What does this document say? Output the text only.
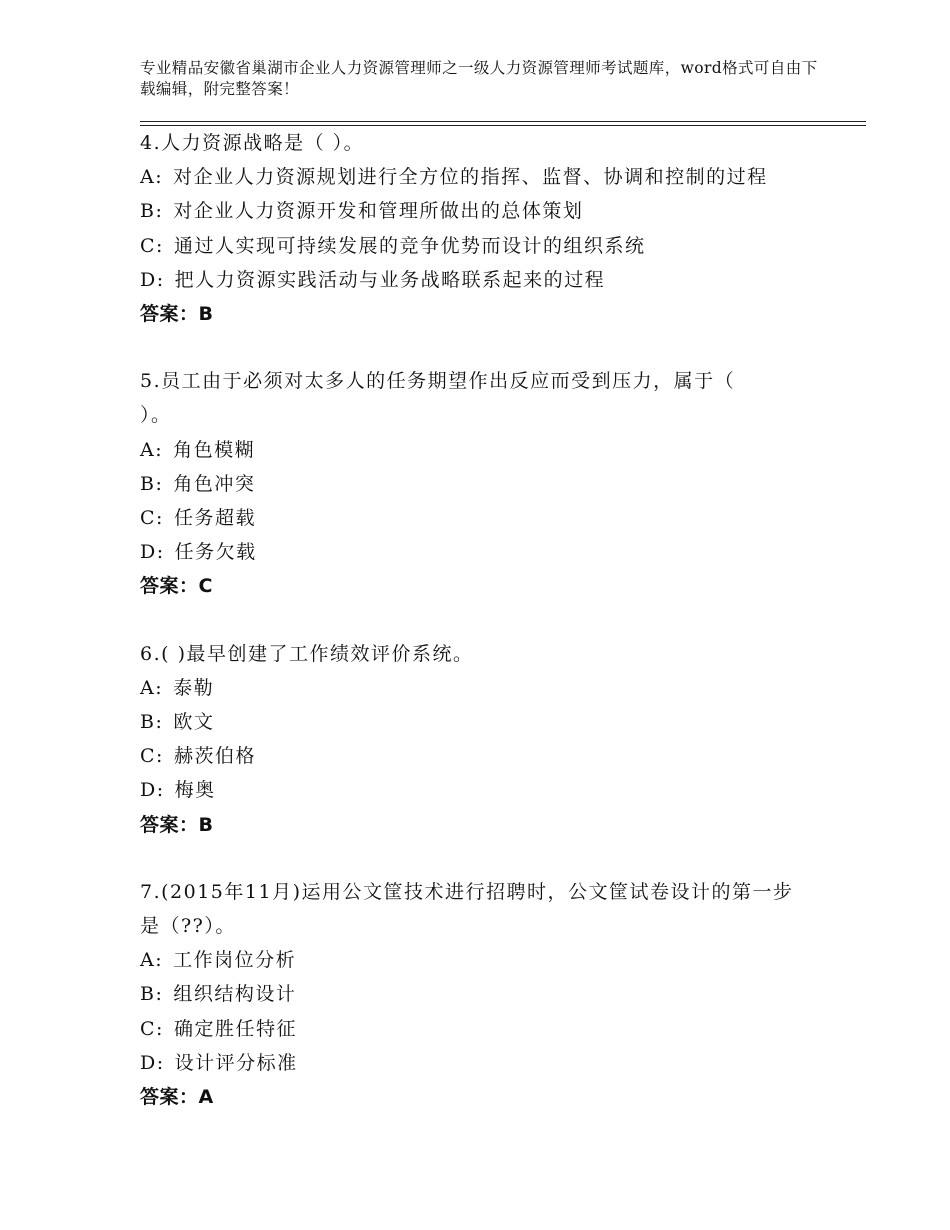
专业精品安徽省巢湖市企业人力资源管理师之一级人力资源管理师考试题库，word格式可自由下载编辑，附完整答案！
4.人力资源战略是（ ）。
A: 对企业人力资源规划进行全方位的指挥、监督、协调和控制的过程
B: 对企业人力资源开发和管理所做出的总体策划
C: 通过人实现可持续发展的竞争优势而设计的组织系统
D: 把人力资源实践活动与业务战略联系起来的过程
答案：B
5.员工由于必须对太多人的任务期望作出反应而受到压力，属于（ ）。
A: 角色模糊
B: 角色冲突
C: 任务超载
D: 任务欠载
答案：C
6.( )最早创建了工作绩效评价系统。
A: 泰勒
B: 欧文
C: 赫茨伯格
D: 梅奥
答案：B
7.(2015年11月)运用公文筐技术进行招聘时，公文筐试卷设计的第一步是（??）。
A: 工作岗位分析
B: 组织结构设计
C: 确定胜任特征
D: 设计评分标准
答案：A
